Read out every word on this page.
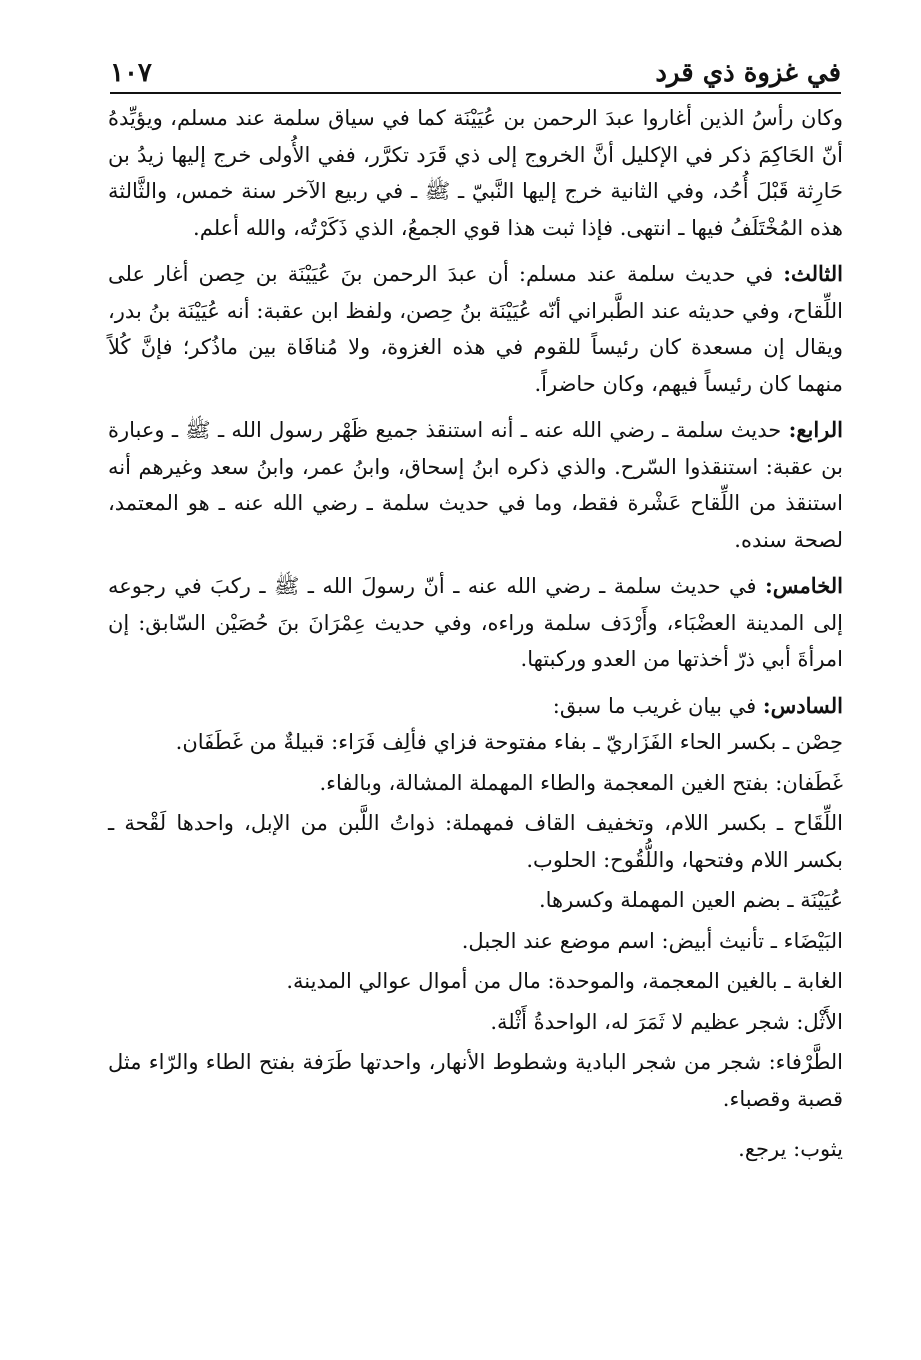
في غزوة ذي قرد
١٠٧

وكان رأسُ الذين أغاروا عبدَ الرحمن بن عُيَيْنَة كما في سياق سلمة عند مسلم، ويؤيِّدهُ أنّ الحَاكِمَ ذكر في الإكليل أنَّ الخروج إلى ذي قَرَد تكرَّر، ففي الأُولى خرج إليها زيدُ بن حَارِثة قَبْلَ أُحُد، وفي الثانية خرج إليها النَّبيّ ـ ﷺ ـ في ربيع الآخر سنة خمس، والثَّالثة هذه المُخْتَلَفُ فيها ـ انتهى. فإذا ثبت هذا قوي الجمعُ، الذي ذَكَرْتُه، والله أعلم.

الثالث: في حديث سلمة عند مسلم: أن عبدَ الرحمن بنَ عُيَيْنَة بن حِصن أغار على اللِّقاح، وفي حديثه عند الطَّبراني أنّه عُيَيْنَة بنُ حِصن، ولفظ ابن عقبة: أنه عُيَيْنَة بنُ بدر، ويقال إن مسعدة كان رئيساً للقوم في هذه الغزوة، ولا مُنافَاة بين ماذُكر؛ فإنَّ كُلاً منهما كان رئيساً فيهم، وكان حاضراً.

الرابع: حديث سلمة ـ رضي الله عنه ـ أنه استنقذ جميع ظَهْر رسول الله ـ ﷺ ـ وعبارة بن عقبة: استنقذوا السّرح. والذي ذكره ابنُ إسحاق، وابنُ عمر، وابنُ سعد وغيرهم أنه استنقذ من اللِّقاح عَشْرة فقط، وما في حديث سلمة ـ رضي الله عنه ـ هو المعتمد، لصحة سنده.

الخامس: في حديث سلمة ـ رضي الله عنه ـ أنّ رسولَ الله ـ ﷺ ـ ركبَ في رجوعه إلى المدينة العضْبَاء، وأَرْدَف سلمة وراءه، وفي حديث عِمْرَانَ بنَ حُصَيْن السّابق: إن امرأةَ أبي ذرّ أخذتها من العدو وركبتها.

السادس: في بيان غريب ما سبق:

حِصْن ـ بكسر الحاء الفَزَاريّ ـ بفاء مفتوحة فزاي فألِف فَرَاء: قبيلةٌ من غَطَفَان.

غَطَفان: بفتح الغين المعجمة والطاء المهملة المشالة، وبالفاء.

اللِّقَاح ـ بكسر اللام، وتخفيف القاف فمهملة: ذواتُ اللَّبن من الإبل، واحدها لَقْحة ـ بكسر اللام وفتحها، واللُّقُوح: الحلوب.

عُيَيْنَة ـ بضم العين المهملة وكسرها.

البَيْضَاء ـ تأنيث أبيض: اسم موضع عند الجبل.

الغابة ـ بالغين المعجمة، والموحدة: مال من أموال عوالي المدينة.

الأَثْل: شجر عظيم لا ثَمَرَ له، الواحدةُ أَثْلة.

الطَّرْفاء: شجر من شجر البادية وشطوط الأنهار، واحدتها طَرَفة بفتح الطاء والرّاء مثل قصبة وقصباء.

يثوب: يرجع.
